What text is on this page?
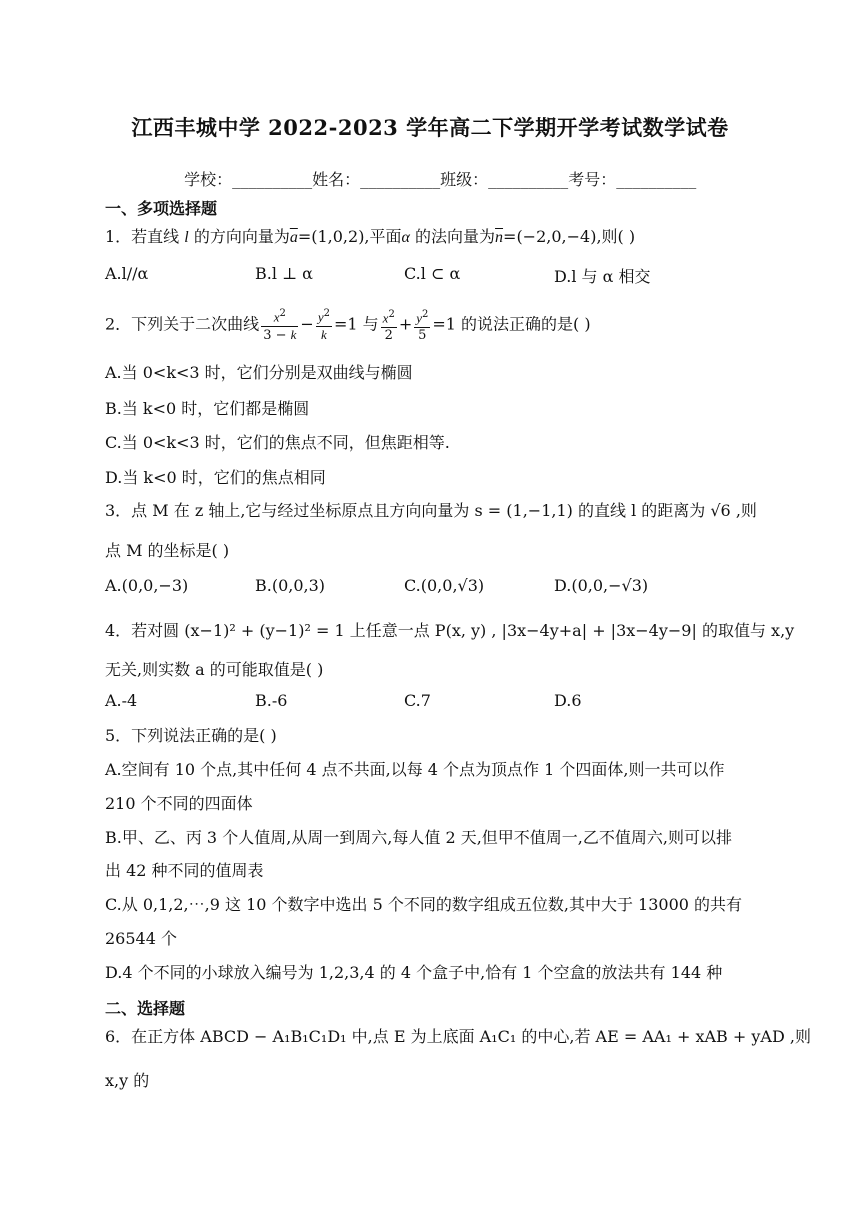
江西丰城中学 2022-2023 学年高二下学期开学考试数学试卷

学校：__________姓名：__________班级：__________考号：__________

一、多项选择题
1．若直线 l 的方向向量为$\overline{a}=(1,0,2)$,平面α 的法向量为$\overline{n}=(-2,0,-4)$,则( )
A.l//α	B.l ⊥ α	C.l ⊂ α	D.l 与 α 相交
2．下列关于二次曲线 $\frac{x^2}{3 - k} - \frac{y^2}{k} =1$ 与 $\frac{x^2}{2} + \frac{y^2}{5} =1$ 的说法正确的是( )
A.当 0<k<3 时，它们分别是双曲线与椭圆
B.当 k<0 时，它们都是椭圆
C.当 0<k<3 时，它们的焦点不同，但焦距相等.
D.当 k<0 时，它们的焦点相同
3．点 M 在 z 轴上,它与经过坐标原点且方向向量为 s = (1,−1,1) 的直线 l 的距离为 √6 ,则
点 M 的坐标是( )
A.(0,0,−3)	B.(0,0,3)	C.(0,0,√3)	D.(0,0,−√3)
4．若对圆 (x−1)² + (y−1)² = 1 上任意一点 P(x, y) , |3x−4y+a| + |3x−4y−9| 的取值与 x,y
无关,则实数 a 的可能取值是( )
A.-4	B.-6	C.7	D.6
5．下列说法正确的是( )
A.空间有 10 个点,其中任何 4 点不共面,以每 4 个点为顶点作 1 个四面体,则一共可以作
210 个不同的四面体
B.甲、乙、丙 3 个人值周,从周一到周六,每人值 2 天,但甲不值周一,乙不值周六,则可以排
出 42 种不同的值周表
C.从 0,1,2,⋯,9 这 10 个数字中选出 5 个不同的数字组成五位数,其中大于 13000 的共有
26544 个
D.4 个不同的小球放入编号为 1,2,3,4 的 4 个盒子中,恰有 1 个空盒的放法共有 144 种
二、选择题
6．在正方体 ABCD − A₁B₁C₁D₁ 中,点 E 为上底面 A₁C₁ 的中心,若 AE = AA₁ + xAB + yAD ,则
x,y 的
